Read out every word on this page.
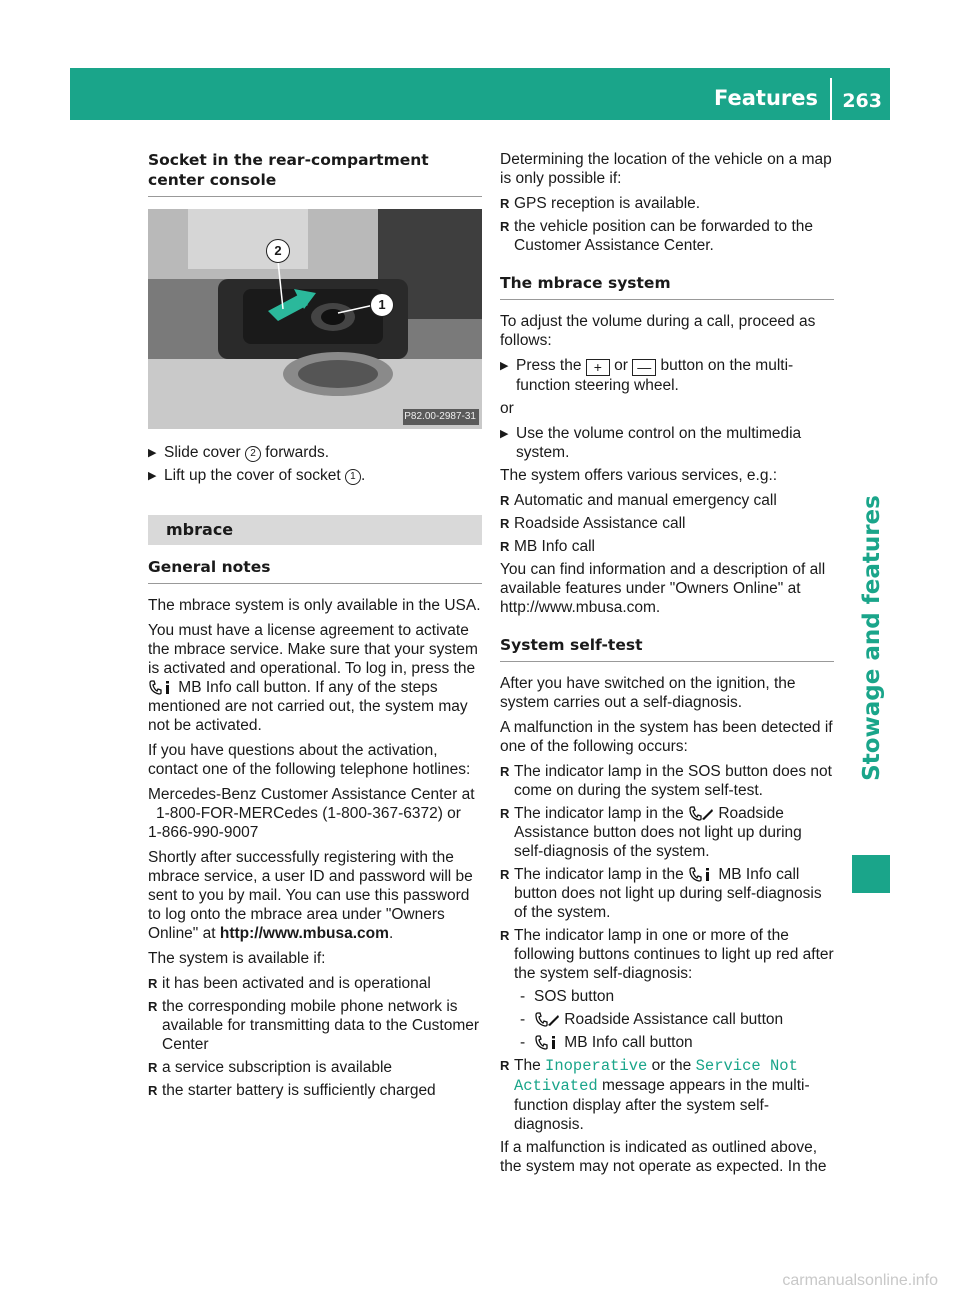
Features 263
Stowage and features
Socket in the rear-compartment center console
2
1
P82.00-2987-31
▶ Slide cover 2 forwards.
▶ Lift up the cover of socket 1 .
mbrace
General notes

The mbrace system is only available in the USA.

You must have a license agreement to activate the mbrace service. Make sure that your system is activated and operational. To log in, press the  MB Info call button. If any of the steps mentioned are not carried out, the system may not be activated.

If you have questions about the activation, contact one of the following telephone hotlines:

Mercedes-Benz Customer Assistance Center at
1-800-FOR-MERCedes (1-800-367-6372) or
1-866-990-9007

Shortly after successfully registering with the mbrace service, a user ID and password will be sent to you by mail. You can use this password to log onto the mbrace area under "Owners Online" at http://www.mbusa.com.

The system is available if:

R it has been activated and is operational
R the corresponding mobile phone network is available for transmitting data to the Customer Center
R a service subscription is available
R the starter battery is sufficiently charged

Determining the location of the vehicle on a map is only possible if:

R GPS reception is available.
R the vehicle position can be forwarded to the Customer Assistance Center.
The mbrace system

To adjust the volume during a call, proceed as follows:

▶ Press the + or — button on the multi-function steering wheel.

or

▶ Use the volume control on the multimedia system.

The system offers various services, e.g.:

R Automatic and manual emergency call
R Roadside Assistance call
R MB Info call

You can find information and a description of all available features under "Owners Online" at http://www.mbusa.com.

System self-test

After you have switched on the ignition, the system carries out a self-diagnosis.

A malfunction in the system has been detected if one of the following occurs:

R The indicator lamp in the SOS button does not come on during the system self-test.
R The indicator lamp in the  Roadside Assistance button does not light up during self-diagnosis of the system.
R The indicator lamp in the  MB Info call button does not light up during self-diagnosis of the system.
R The indicator lamp in one or more of the following buttons continues to light up red after the system self-diagnosis:
- SOS button
- Roadside Assistance call button
- MB Info call button
R The Inoperative or the Service Not Activated message appears in the multi-function display after the system self-diagnosis.

If a malfunction is indicated as outlined above, the system may not operate as expected. In the

carmanualsonline.info
